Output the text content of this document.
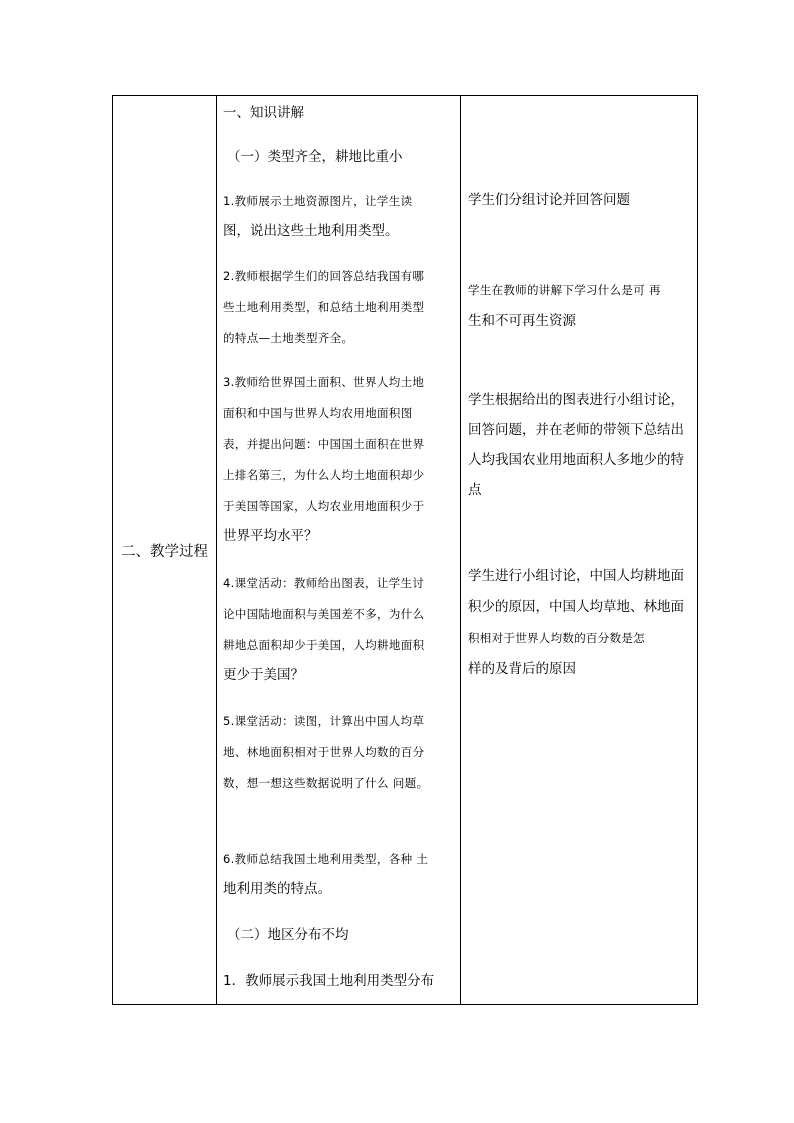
二、教学过程

一、知识讲解
（一）类型齐全，耕地比重小
1.教师展示土地资源图片，让学生读
图，说出这些土地利用类型。
2.教师根据学生们的回答总结我国有哪
些土地利用类型，和总结土地利用类型
的特点—土地类型齐全。
3.教师给世界国土面积、世界人均土地
面积和中国与世界人均农用地面积图
表，并提出问题：中国国土面积在世界
上排名第三，为什么人均土地面积却少
于美国等国家，人均农业用地面积少于
世界平均水平？
4.课堂活动：教师给出图表，让学生讨
论中国陆地面积与美国差不多，为什么
耕地总面积却少于美国，人均耕地面积
更少于美国？
5.课堂活动：读图，计算出中国人均草
地、林地面积相对于世界人均数的百分
数，想一想这些数据说明了什么 问题。
6.教师总结我国土地利用类型，各种 土
地利用类的特点。
（二）地区分布不均
1．教师展示我国土地利用类型分布

学生们分组讨论并回答问题
学生在教师的讲解下学习什么是可 再
生和不可再生资源
学生根据给出的图表进行小组讨论，
回答问题，并在老师的带领下总结出
人均我国农业用地面积人多地少的特
点
学生进行小组讨论，中国人均耕地面
积少的原因，中国人均草地、林地面
积相对于世界人均数的百分数是怎
样的及背后的原因
